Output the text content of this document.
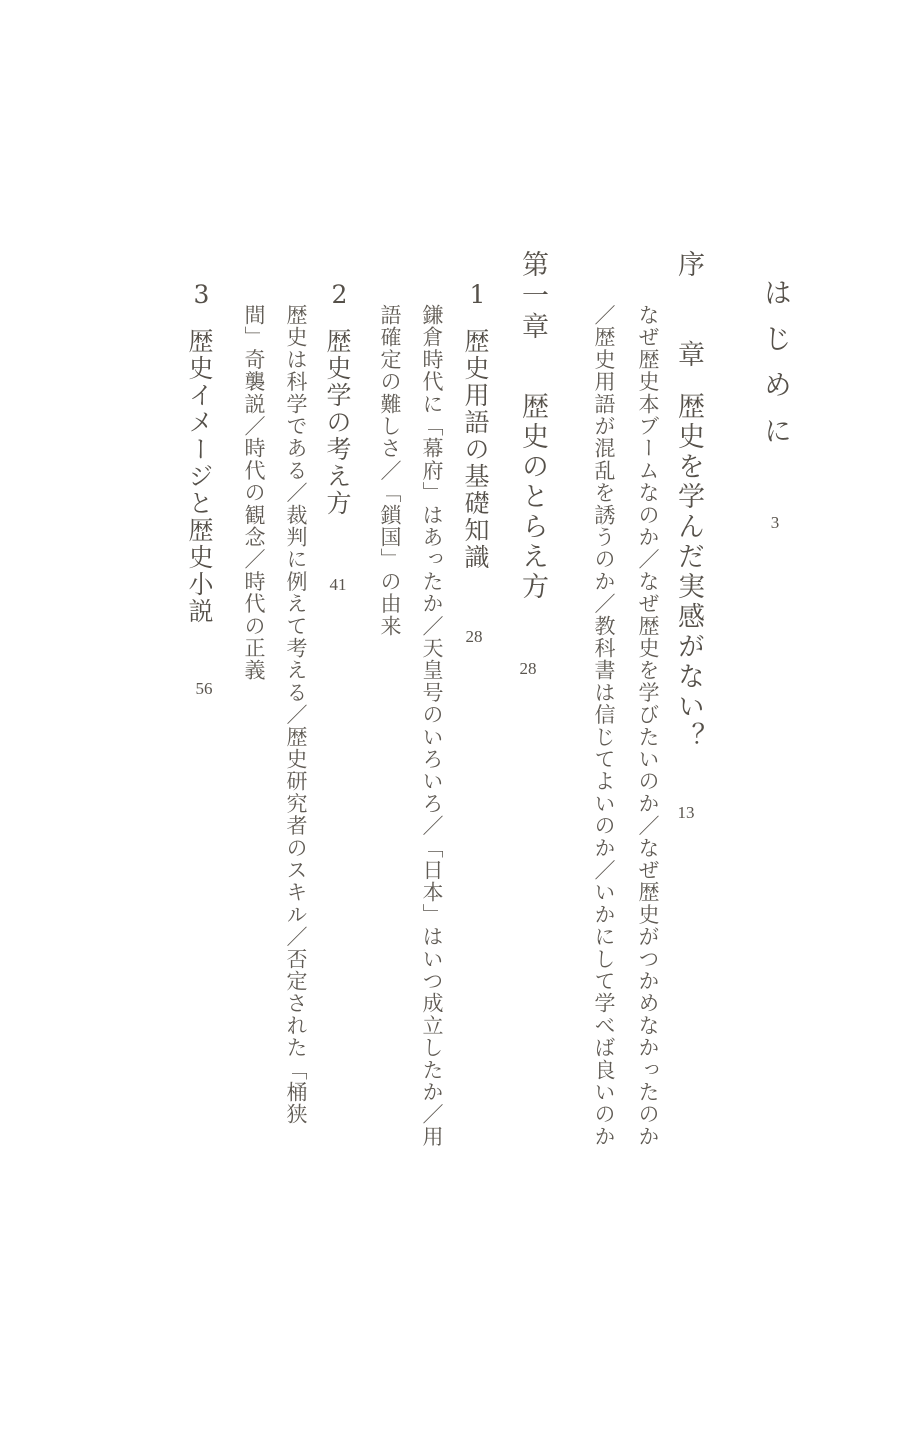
はじめに
3
序　章
歴史を学んだ実感がない？
13
なぜ歴史本ブームなのか／なぜ歴史を学びたいのか／なぜ歴史がつかめなかったのか
／歴史用語が混乱を誘うのか／教科書は信じてよいのか／いかにして学べば良いのか
第一章
歴史のとらえ方
28
1
歴史用語の基礎知識
28
鎌倉時代に「幕府」はあったか／天皇号のいろいろ／「日本」はいつ成立したか／用
語確定の難しさ／「鎖国」の由来
2
歴史学の考え方
41
歴史は科学である／裁判に例えて考える／歴史研究者のスキル／否定された「桶狭
間」奇襲説／時代の観念／時代の正義
3
歴史イメージと歴史小説
56
